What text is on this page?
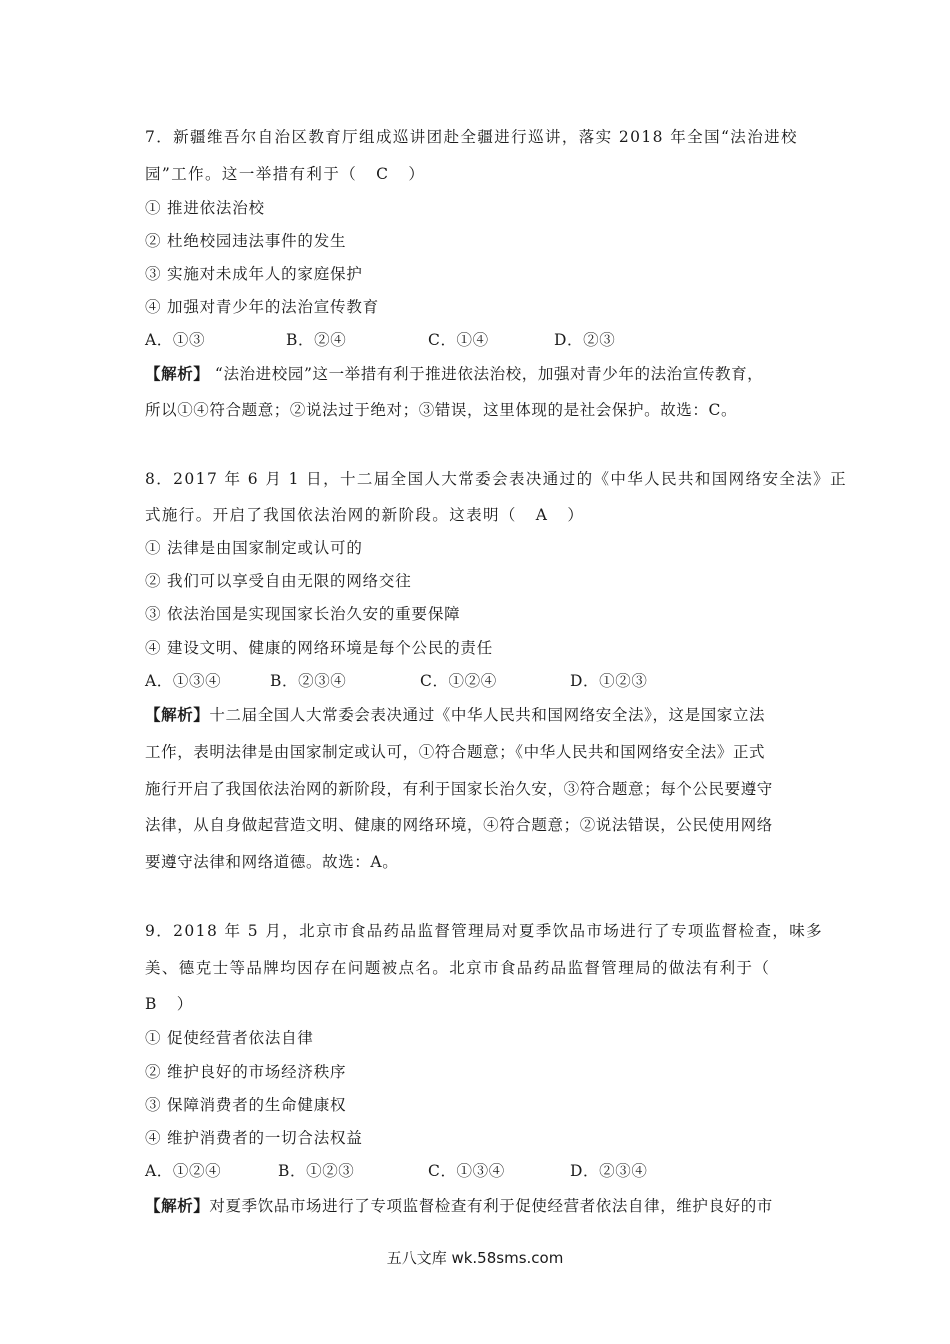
7．新疆维吾尔自治区教育厅组成巡讲团赴全疆进行巡讲，落实 2018 年全国“法治进校
园”工作。这一举措有利于（   C   ）
① 推进依法治校
② 杜绝校园违法事件的发生
③ 实施对未成年人的家庭保护
④ 加强对青少年的法治宣传教育

A．①③

	B．②④

	C．①④

	D．②③

【解析】 “法治进校园”这一举措有利于推进依法治校，加强对青少年的法治宣传教育，
所以①④符合题意；②说法过于绝对；③错误，这里体现的是社会保护。故选：C。
8．2017 年 6 月 1 日，十二届全国人大常委会表决通过的《中华人民共和国网络安全法》正
式施行。开启了我国依法治网的新阶段。这表明（   A   ）
① 法律是由国家制定或认可的
② 我们可以享受自由无限的网络交往
③ 依法治国是实现国家长治久安的重要保障
④ 建设文明、健康的网络环境是每个公民的责任

A．①③④

	B．②③④

	C．①②④

	D．①②③

【解析】十二届全国人大常委会表决通过《中华人民共和国网络安全法》，这是国家立法
工作，表明法律是由国家制定或认可，①符合题意；《中华人民共和国网络安全法》正式
施行开启了我国依法治网的新阶段，有利于国家长治久安，③符合题意；每个公民要遵守
法律，从自身做起营造文明、健康的网络环境，④符合题意；②说法错误，公民使用网络
要遵守法律和网络道德。故选：A。
9．2018 年 5 月，北京市食品药品监督管理局对夏季饮品市场进行了专项监督检查，味多
美、德克士等品牌均因存在问题被点名。北京市食品药品监督管理局的做法有利于（
B   ）
① 促使经营者依法自律
② 维护良好的市场经济秩序
③ 保障消费者的生命健康权
④ 维护消费者的一切合法权益

A．①②④

	B．①②③

	C．①③④

	D．②③④

【解析】对夏季饮品市场进行了专项监督检查有利于促使经营者依法自律，维护良好的市
五八文库 wk.58sms.com
